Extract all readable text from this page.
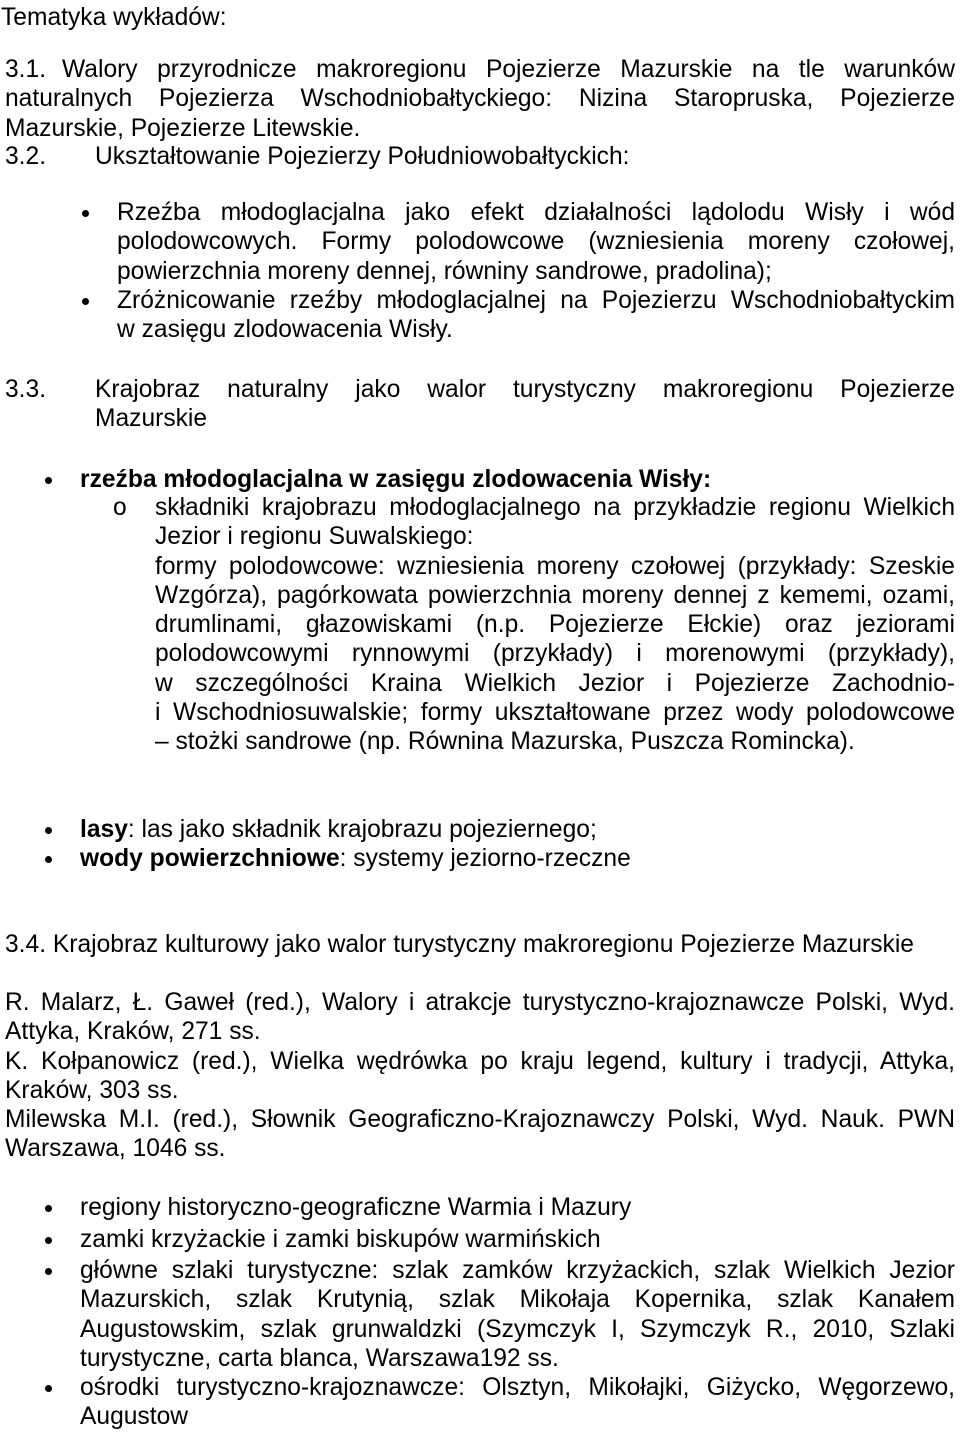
Tematyka wykładów:
3.1. Walory przyrodnicze makroregionu Pojezierze Mazurskie na tle warunków
naturalnych Pojezierza Wschodniobałtyckiego: Nizina Staropruska, Pojezierze
Mazurskie, Pojezierze Litewskie.
3.2. Ukształtowanie Pojezierzy Południowobałtyckich:
Rzeźba młodoglacjalna jako efekt działalności lądolodu Wisły i wód
polodowcowych. Formy polodowcowe (wzniesienia moreny czołowej,
powierzchnia moreny dennej, równiny sandrowe, pradolina);
Zróżnicowanie rzeźby młodoglacjalnej na Pojezierzu Wschodniobałtyckim
w zasięgu zlodowacenia Wisły.
3.3. Krajobraz naturalny jako walor turystyczny makroregionu Pojezierze
Mazurskie
rzeźba młodoglacjalna w zasięgu zlodowacenia Wisły:
o składniki krajobrazu młodoglacjalnego na przykładzie regionu Wielkich
Jezior i regionu Suwalskiego:
formy polodowcowe: wzniesienia moreny czołowej (przykłady: Szeskie
Wzgórza), pagórkowata powierzchnia moreny dennej z kememi, ozami,
drumlinami, głazowiskami (n.p. Pojezierze Ełckie) oraz jeziorami
polodowcowymi rynnowymi (przykłady) i morenowymi (przykłady),
w szczególności Kraina Wielkich Jezior i Pojezierze Zachodnio-
i Wschodniosuwalskie; formy ukształtowane przez wody polodowcowe
– stożki sandrowe (np. Równina Mazurska, Puszcza Romincka).
lasy: las jako składnik krajobrazu pojeziernego;
wody powierzchniowe: systemy jeziorno-rzeczne
3.4. Krajobraz kulturowy jako walor turystyczny makroregionu Pojezierze Mazurskie
R. Malarz, Ł. Gaweł (red.), Walory i atrakcje turystyczno-krajoznawcze Polski, Wyd.
Attyka, Kraków, 271 ss.
K. Kołpanowicz (red.), Wielka wędrówka po kraju legend, kultury i tradycji, Attyka,
Kraków, 303 ss.
Milewska M.I. (red.), Słownik Geograficzno-Krajoznawczy Polski, Wyd. Nauk. PWN
Warszawa, 1046 ss.
regiony historyczno-geograficzne Warmia i Mazury
zamki krzyżackie i zamki biskupów warmińskich
główne szlaki turystyczne: szlak zamków krzyżackich, szlak Wielkich Jezior
Mazurskich, szlak Krutynią, szlak Mikołaja Kopernika, szlak Kanałem
Augustowskim, szlak grunwaldzki (Szymczyk I, Szymczyk R., 2010, Szlaki
turystyczne, carta blanca, Warszawa192 ss.
ośrodki turystyczno-krajoznawcze: Olsztyn, Mikołajki, Giżycko, Węgorzewo,
Augustow
